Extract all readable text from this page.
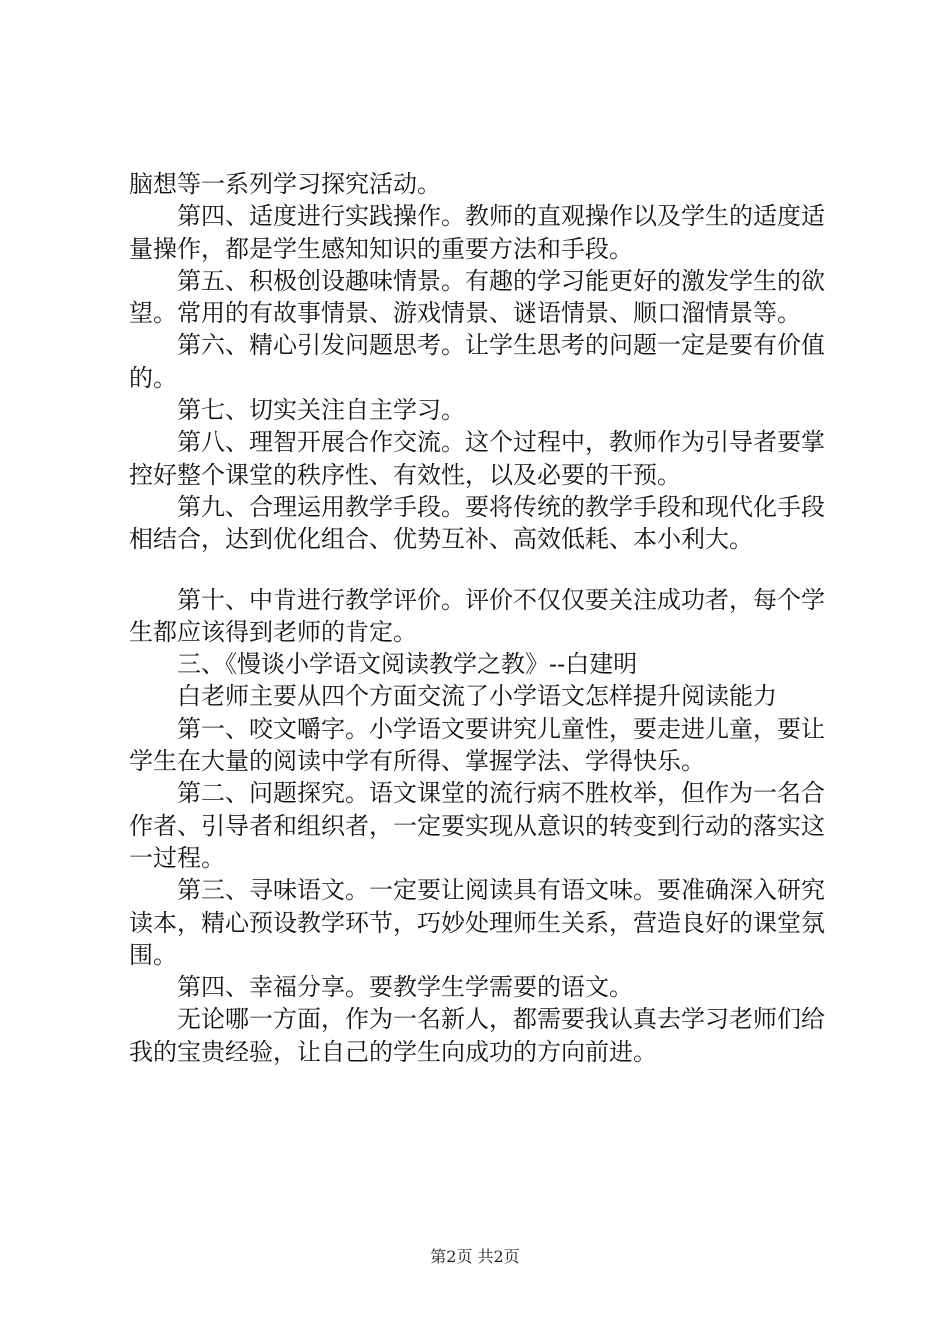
脑想等一系列学习探究活动。

　　第四、适度进行实践操作。教师的直观操作以及学生的适度适量操作，都是学生感知知识的重要方法和手段。

　　第五、积极创设趣味情景。有趣的学习能更好的激发学生的欲望。常用的有故事情景、游戏情景、谜语情景、顺口溜情景等。

　　第六、精心引发问题思考。让学生思考的问题一定是要有价值的。

　　第七、切实关注自主学习。

　　第八、理智开展合作交流。这个过程中，教师作为引导者要掌控好整个课堂的秩序性、有效性，以及必要的干预。

　　第九、合理运用教学手段。要将传统的教学手段和现代化手段相结合，达到优化组合、优势互补、高效低耗、本小利大。

　　第十、中肯进行教学评价。评价不仅仅要关注成功者，每个学生都应该得到老师的肯定。

　　三、《慢谈小学语文阅读教学之教》--白建明

　　白老师主要从四个方面交流了小学语文怎样提升阅读能力

　　第一、咬文嚼字。小学语文要讲究儿童性，要走进儿童，要让学生在大量的阅读中学有所得、掌握学法、学得快乐。

　　第二、问题探究。语文课堂的流行病不胜枚举，但作为一名合作者、引导者和组织者，一定要实现从意识的转变到行动的落实这一过程。

　　第三、寻味语文。一定要让阅读具有语文味。要准确深入研究读本，精心预设教学环节，巧妙处理师生关系，营造良好的课堂氛围。

　　第四、幸福分享。要教学生学需要的语文。

　　无论哪一方面，作为一名新人，都需要我认真去学习老师们给我的宝贵经验，让自己的学生向成功的方向前进。

第2页 共2页
